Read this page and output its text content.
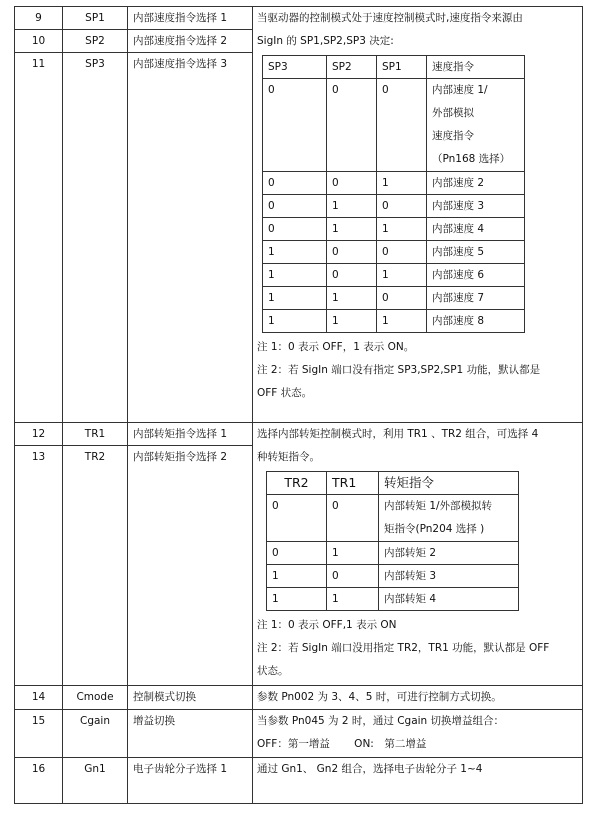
9	SP1	内部速度指令选择 1	当驱动器的控制模式处于速度控制模式时,速度指令来源由
SigIn 的 SP1,SP2,SP3 决定:
SP3	SP2	SP1	速度指令
0	0	0	内部速度 1/
外部模拟
速度指令
（Pn168 选择）

0	0	1	内部速度 2
0	1	0	内部速度 3
0	1	1	内部速度 4
1	0	0	内部速度 5
1	0	1	内部速度 6
1	1	0	内部速度 7
1	1	1	内部速度 8
注 1：0 表示 OFF，1 表示 ON。
注 2：若 SigIn 端口没有指定 SP3,SP2,SP1 功能，默认都是
OFF 状态。

10	SP2	内部速度指令选择 2
11	SP3	内部速度指令选择 3
12	TR1	内部转矩指令选择 1	选择内部转矩控制模式时，利用 TR1 、TR2 组合，可选择 4
种转矩指令。
TR2	TR1	转矩指令
0	0	内部转矩 1/外部模拟转
矩指令(Pn204 选择 )

0	1	内部转矩 2
1	0	内部转矩 3
1	1	内部转矩 4
注 1：0 表示 OFF,1 表示 ON
注 2：若 SigIn 端口没用指定 TR2，TR1 功能，默认都是 OFF
状态。

13	TR2	内部转矩指令选择 2
14	Cmode	控制模式切换	参数 Pn002 为 3、4、5 时，可进行控制方式切换。

15	Cgain	增益切换	当参数 Pn045 为 2 时，通过 Cgain 切换增益组合：
OFF：第一增益　　 ON:　第二增益

16	Gn1	电子齿轮分子选择 1	通过 Gn1、 Gn2 组合，选择电子齿轮分子 1~4
